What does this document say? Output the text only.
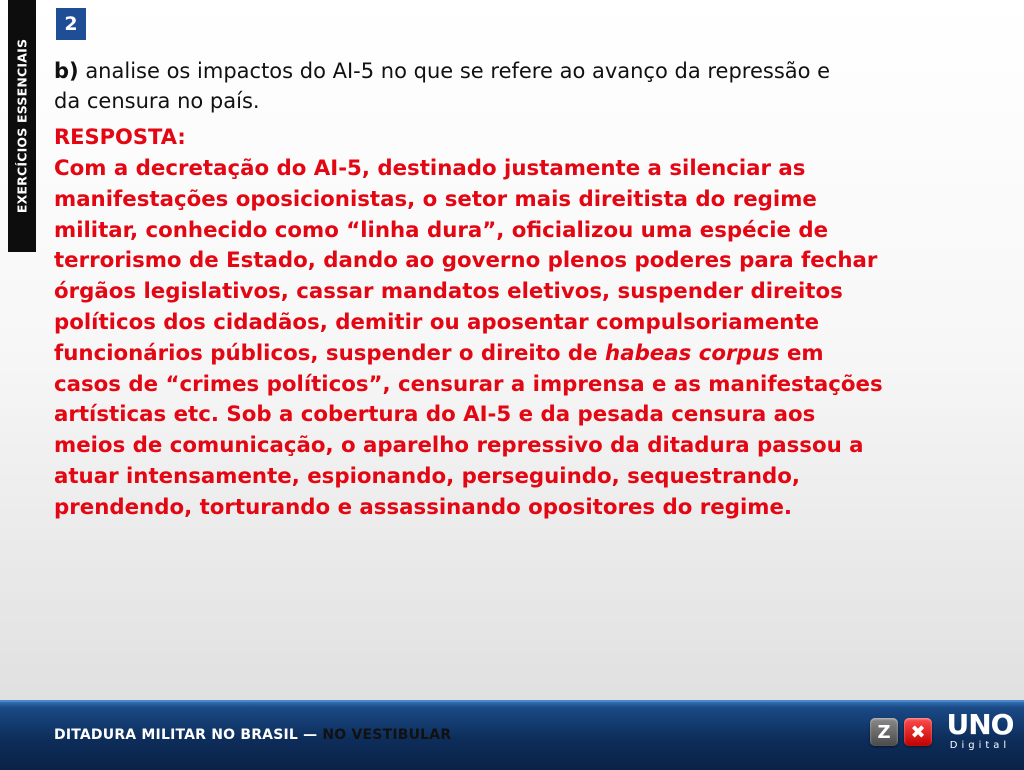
EXERCÍCIOS ESSENCIAIS
2
b) analise os impactos do AI-5 no que se refere ao avanço da repressão e da censura no país.
RESPOSTA:
Com a decretação do AI-5, destinado justamente a silenciar as manifestações oposicionistas, o setor mais direitista do regime militar, conhecido como “linha dura”, oficializou uma espécie de terrorismo de Estado, dando ao governo plenos poderes para fechar órgãos legislativos, cassar mandatos eletivos, suspender direitos políticos dos cidadãos, demitir ou aposentar compulsoriamente funcionários públicos, suspender o direito de habeas corpus em casos de “crimes políticos”, censurar a imprensa e as manifestações artísticas etc. Sob a cobertura do AI-5 e da pesada censura aos meios de comunicação, o aparelho repressivo da ditadura passou a atuar intensamente, espionando, perseguindo, sequestrando, prendendo, torturando e assassinando opositores do regime.
DITADURA MILITAR NO BRASIL — NO VESTIBULAR	Z	✖ UNO
Digital
